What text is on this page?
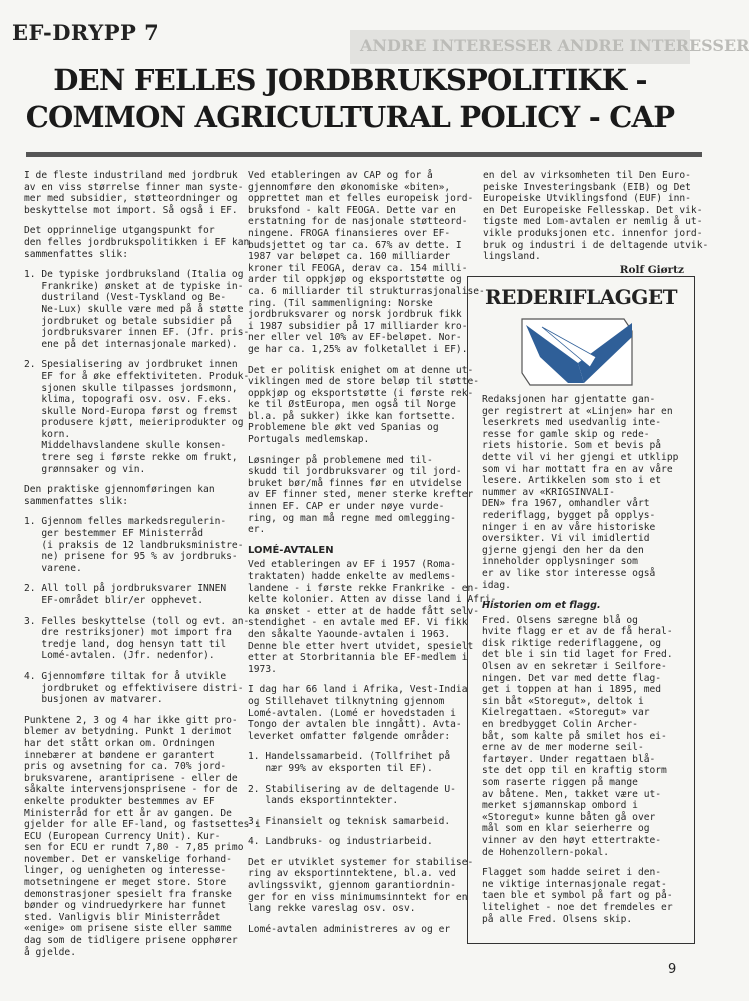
EF-DRYPP 7
ANDRE INTERESSER ANDRE INTERESSER
DEN FELLES JORDBRUKSPOLITIKK -
COMMON AGRICULTURAL POLICY - CAP

I de fleste industriland med jordbruk
av en viss størrelse finner man syste-
mer med subsidier, støtteordninger og
beskyttelse mot import. Så også i EF.

Det opprinnelige utgangspunkt for
den felles jordbrukspolitikken i EF kan
sammenfattes slik:

1. De typiske jordbruksland (Italia og
Frankrike) ønsket at de typiske in-
dustriland (Vest-Tyskland og Be-
Ne-Lux) skulle være med på å støtte
jordbruket og betale subsidier på
jordbruksvarer innen EF. (Jfr. pris-
ene på det internasjonale marked).

2. Spesialisering av jordbruket innen
EF for å øke effektiviteten. Produk-
sjonen skulle tilpasses jordsmonn,
klima, topografi osv. osv. F.eks.
skulle Nord-Europa først og fremst
produsere kjøtt, meieriprodukter og
korn.
Middelhavslandene skulle konsen-
trere seg i første rekke om frukt,
grønnsaker og vin.

Den praktiske gjennomføringen kan
sammenfattes slik:

1. Gjennom felles markedsregulerin-
ger bestemmer EF Ministerråd
(i praksis de 12 landbruksministre-
ne) prisene for 95 % av jordbruks-
varene.

2. All toll på jordbruksvarer INNEN
EF-området blir/er opphevet.

3. Felles beskyttelse (toll og evt. an-
dre restriksjoner) mot import fra
tredje land, dog hensyn tatt til
Lomé-avtalen. (Jfr. nedenfor).

4. Gjennomføre tiltak for å utvikle
jordbruket og effektivisere distri-
busjonen av matvarer.

Punktene 2, 3 og 4 har ikke gitt pro-
blemer av betydning. Punkt 1 derimot
har det stått orkan om. Ordningen
innebærer at bøndene er garantert
pris og avsetning for ca. 70% jord-
bruksvarene, arantiprisene - eller de
såkalte intervensjonsprisene - for de
enkelte produkter bestemmes av EF
Ministerråd for ett år av gangen. De
gjelder for alle EF-land, og fastsettes i
ECU (European Currency Unit). Kur-
sen for ECU er rundt 7,80 - 7,85 primo
november. Det er vanskelige forhand-
linger, og uenigheten og interesse-
motsetningene er meget store. Store
demonstrasjoner spesielt fra franske
bønder og vindruedyrkere har funnet
sted. Vanligvis blir Ministerrådet
«enige» om prisene siste eller samme
dag som de tidligere prisene opphører
å gjelde.

Ved etableringen av CAP og for å
gjennomføre den økonomiske «biten»,
opprettet man et felles europeisk jord-
bruksfond - kalt FEOGA. Dette var en
erstatning for de nasjonale støtteord-
ningene. FROGA finansieres over EF-
budsjettet og tar ca. 67% av dette. I
1987 var beløpet ca. 160 milliarder
kroner til FEOGA, derav ca. 154 milli-
arder til oppkjøp og eksportstøtte og
ca. 6 milliarder til strukturrasjonalise-
ring. (Til sammenligning: Norske
jordbruksvarer og norsk jordbruk fikk
i 1987 subsidier på 17 milliarder kro-
ner eller vel 10% av EF-beløpet. Nor-
ge har ca. 1,25% av folketallet i EF).

Det er politisk enighet om at denne ut-
viklingen med de store beløp til støtte-
oppkjøp og eksportstøtte (i første rek-
ke til ØstEuropa, men også til Norge
bl.a. på sukker) ikke kan fortsette.
Problemene ble økt ved Spanias og
Portugals medlemskap.

Løsninger på problemene med til-
skudd til jordbruksvarer og til jord-
bruket bør/må finnes før en utvidelse
av EF finner sted, mener sterke krefter
innen EF. CAP er under nøye vurde-
ring, og man må regne med omlegging-
er.

LOMÉ-AVTALEN

Ved etableringen av EF i 1957 (Roma-
traktaten) hadde enkelte av medlems-
landene - i første rekke Frankrike - en-
kelte kolonier. Atten av disse land i Afri-
ka ønsket - etter at de hadde fått selv-
stendighet - en avtale med EF. Vi fikk
den såkalte Yaounde-avtalen i 1963.
Denne ble etter hvert utvidet, spesielt
etter at Storbritannia ble EF-medlem i
1973.

I dag har 66 land i Afrika, Vest-India
og Stillehavet tilknytning gjennom
Lomé-avtalen. (Lomé er hovedstaden i
Tongo der avtalen ble inngått). Avta-
leverket omfatter følgende områder:

1. Handelssamarbeid. (Tollfrihet på
nær 99% av eksporten til EF).

2. Stabilisering av de deltagende U-
lands eksportinntekter.

3. Finansielt og teknisk samarbeid.

4. Landbruks- og industriarbeid.

Det er utviklet systemer for stabilise-
ring av eksportinntektene, bl.a. ved
avlingssvikt, gjennom garantiordnin-
ger for en viss minimumsinntekt for en
lang rekke vareslag osv. osv.

Lomé-avtalen administreres av og er

en del av virksomheten til Den Euro-
peiske Investeringsbank (EIB) og Det
Europeiske Utviklingsfond (EUF) inn-
en Det Europeiske Fellesskap. Det vik-
tigste med Lom-avtalen er nemlig å ut-
vikle produksjonen etc. innenfor jord-
bruk og industri i de deltagende utvik-
lingsland.

Rolf Giørtz
REDERIFLAGGET

Redaksjonen har gjentatte gan-
ger registrert at «Linjen» har en
leserkrets med usedvanlig inte-
resse for gamle skip og rede-
riets historie. Som et bevis på
dette vil vi her gjengi et utklipp
som vi har mottatt fra en av våre
lesere. Artikkelen som sto i et
nummer av «KRIGSINVALI-
DEN» fra 1967, omhandler vårt
rederiflagg, bygget på opplys-
ninger i en av våre historiske
oversikter. Vi vil imidlertid
gjerne gjengi den her da den
inneholder opplysninger som
er av like stor interesse også
idag.

Historien om et flagg.

Fred. Olsens særegne blå og
hvite flagg er et av de få heral-
disk riktige rederiflaggene, og
det ble i sin tid laget for Fred.
Olsen av en sekretær i Seilfore-
ningen. Det var med dette flag-
get i toppen at han i 1895, med
sin båt «Storegut», deltok i
Kielregattaen. «Storegut» var
en bredbygget Colin Archer-
båt, som kalte på smilet hos ei-
erne av de mer moderne seil-
fartøyer. Under regattaen blå-
ste det opp til en kraftig storm
som raserte riggen på mange
av båtene. Men, takket være ut-
merket sjømannskap ombord i
«Storegut» kunne båten gå over
mål som en klar seierherre og
vinner av den høyt ettertrakte-
de Hohenzollern-pokal.

Flagget som hadde seiret i den-
ne viktige internasjonale regat-
taen ble et symbol på fart og på-
litelighet - noe det fremdeles er
på alle Fred. Olsens skip.

9
